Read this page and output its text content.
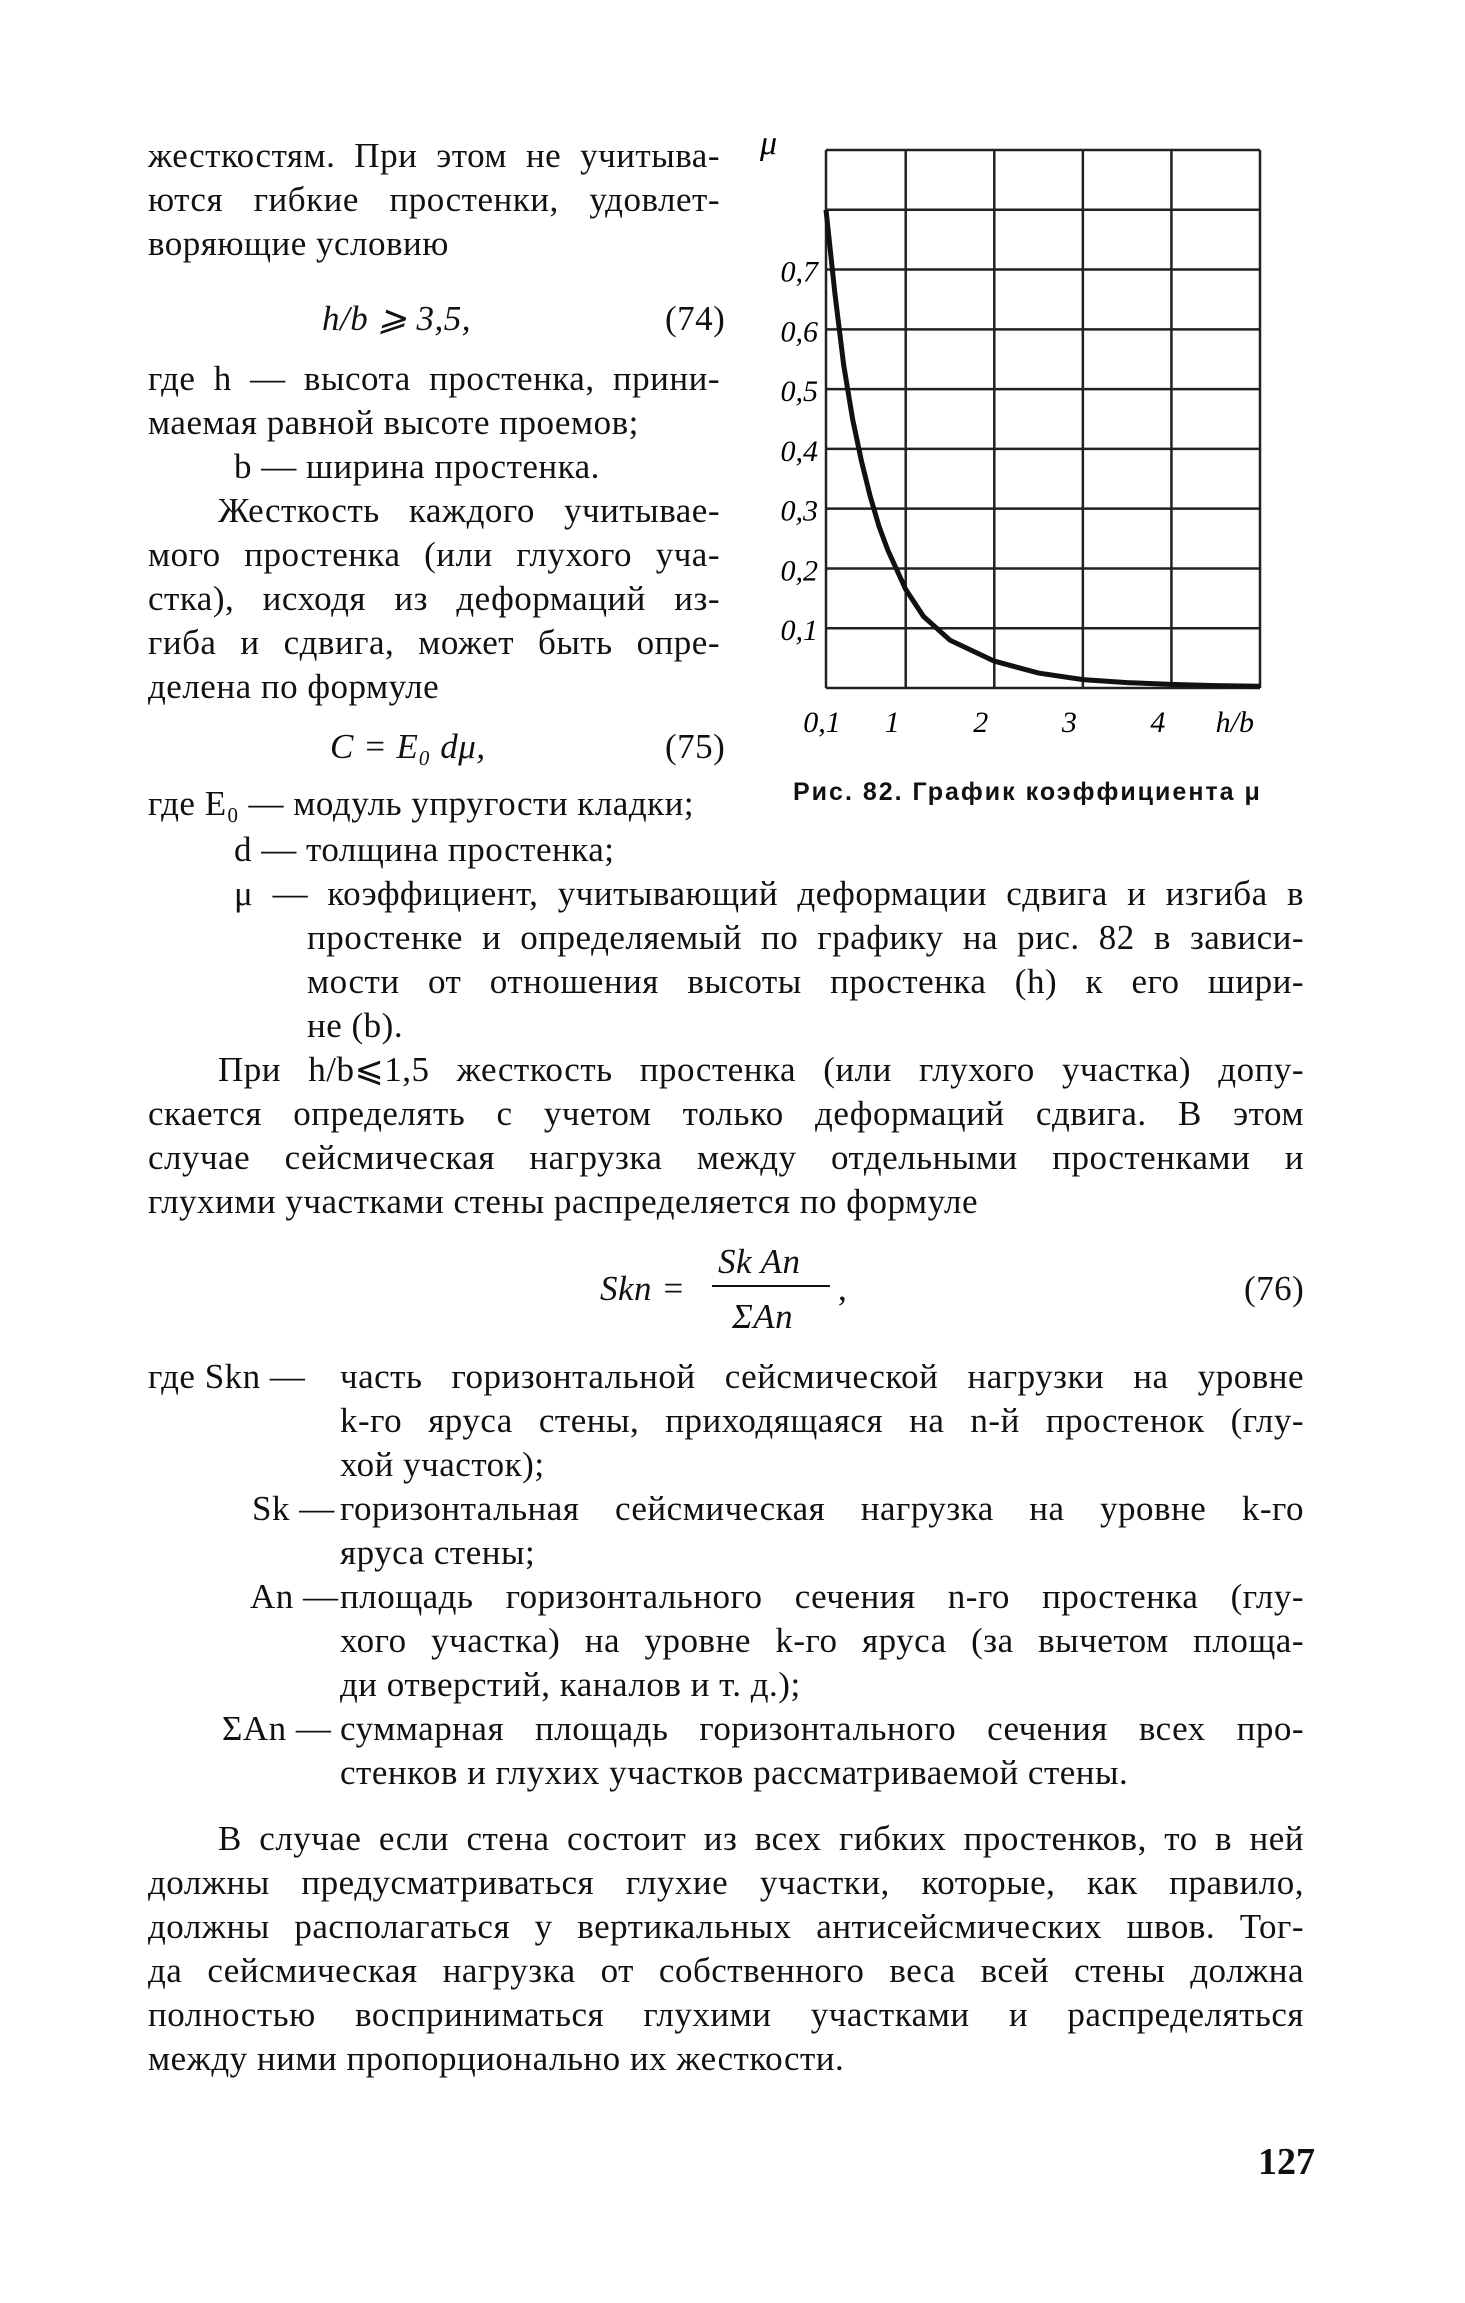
жесткостям. При этом не учитыва-
ются гибкие простенки, удовлет-
воряющие условию
h/b ⩾ 3,5,	(74)
где h — высота простенка, прини-
маемая равной высоте проемов;
b — ширина простенка.
Жесткость каждого учитывае-
мого простенка (или глухого уча-
стка), исходя из деформаций из-
гиба и сдвига, может быть опре-
делена по формуле
C = E₀ dμ,	(75)
где E₀ — модуль упругости кладки;
0,7
0,6
0,5
0,4
0,3
0,2
0,1
0,1 1 2 3 4 h/b
μ
Рис. 82. График коэффициента μ
d — толщина простенка;
μ — коэффициент, учитывающий деформации сдвига и изгиба в
простенке и определяемый по графику на рис. 82 в зависи-
мости от отношения высоты простенка (h) к его шири-
не (b).
При h/b⩽1,5 жесткость простенка (или глухого участка) допу-
скается определять с учетом только деформаций сдвига. В этом
случае сейсмическая нагрузка между отдельными простенками и
глухими участками стены распределяется по формуле
Skn =
Sk An
ΣAn
,	(76)
где Skn — часть горизонтальной сейсмической нагрузки на уровне
k-го яруса стены, приходящаяся на n-й простенок (глу-
хой участок);
Sk — горизонтальная сейсмическая нагрузка на уровне k-го
яруса стены;
An — площадь горизонтального сечения n-го простенка (глу-
хого участка) на уровне k-го яруса (за вычетом площа-
ди отверстий, каналов и т. д.);
ΣAn — суммарная площадь горизонтального сечения всех про-
стенков и глухих участков рассматриваемой стены.
В случае если стена состоит из всех гибких простенков, то в ней
должны предусматриваться глухие участки, которые, как правило,
должны располагаться у вертикальных антисейсмических швов. Тог-
да сейсмическая нагрузка от собственного веса всей стены должна
полностью восприниматься глухими участками и распределяться
между ними пропорционально их жесткости.
127
